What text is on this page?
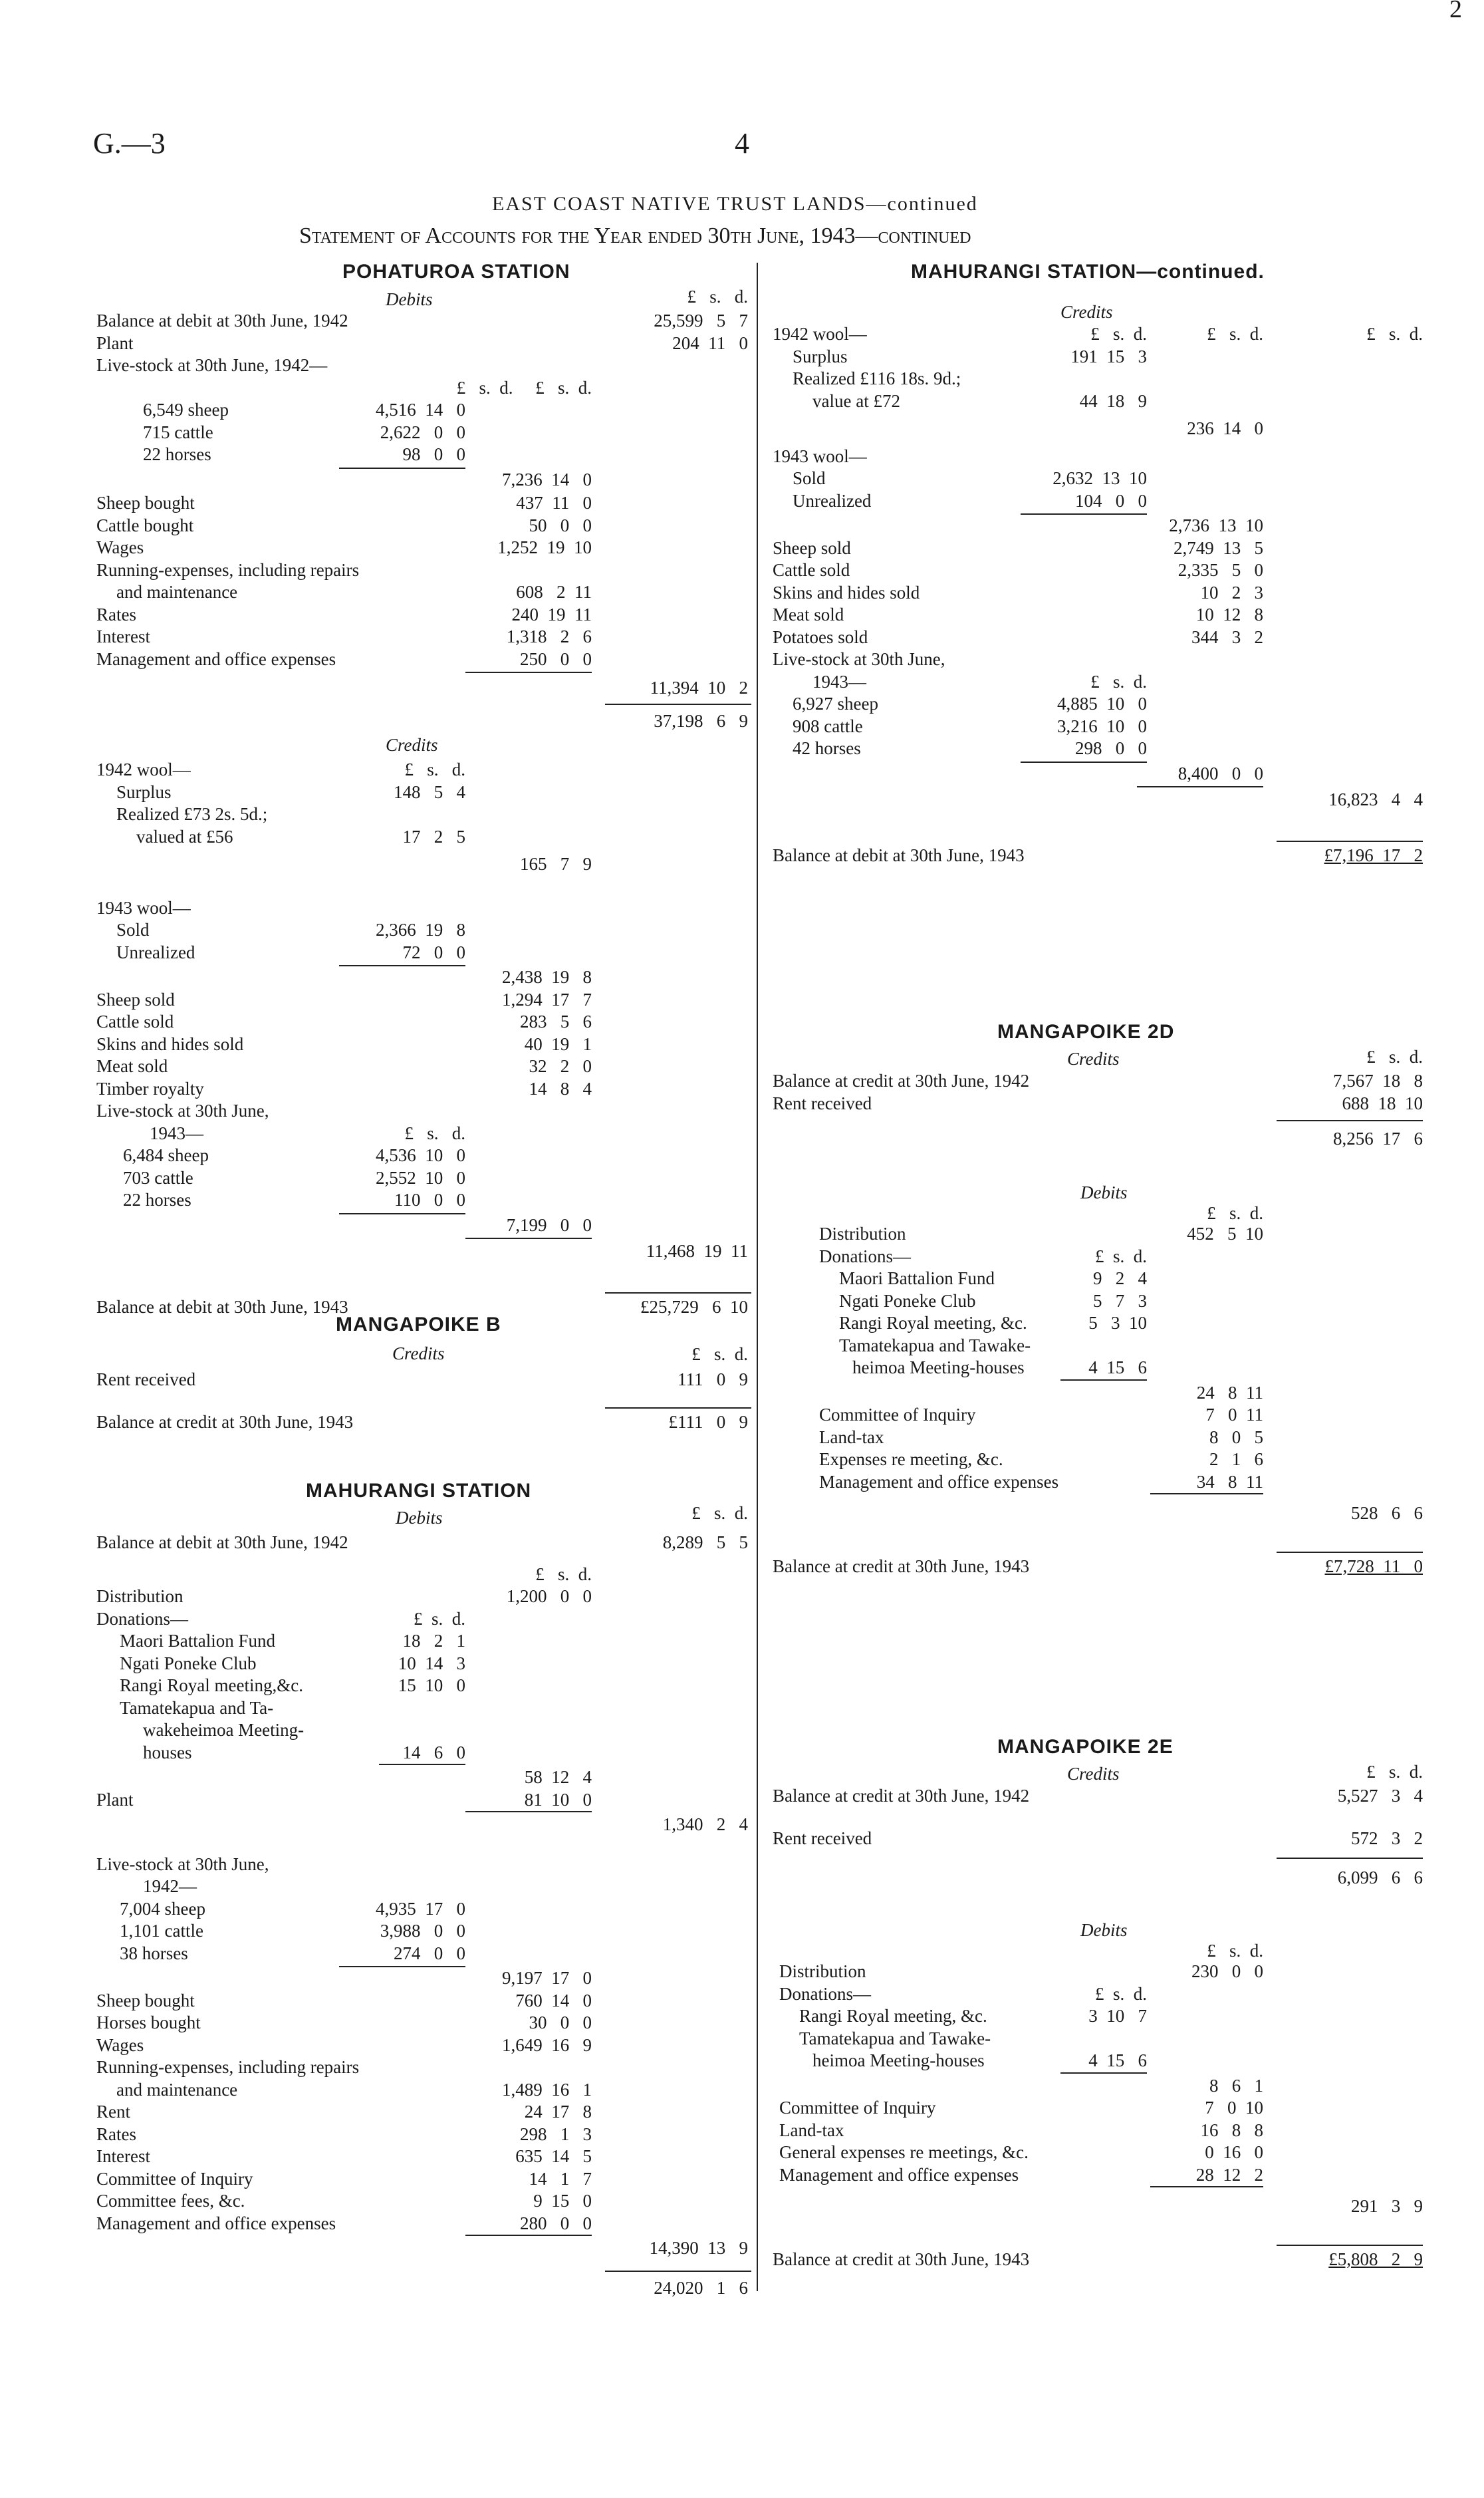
G.—3	4
2
EAST COAST NATIVE TRUST LANDS—continued
Statement of Accounts for the Year ended 30th June, 1943—continued
POHATUROA STATION
Debits	£   s.   d.
Balance at debit at 30th June, 1942	25,599   5   7
Plant	204  11   0
Live-stock at 30th June, 1942—
£   s.  d.     £   s.  d.
6,549 sheep	4,516  14   0
715 cattle	2,622   0   0
22 horses	98   0   0
7,236  14   0
Sheep bought	437  11   0
Cattle bought	50   0   0
Wages	1,252  19  10
Running-expenses, including repairs
and maintenance	608   2  11
Rates	240  19  11
Interest	1,318   2   6
Management and office expenses	250   0   0
11,394  10   2
37,198   6   9
Credits
1942 wool—	£   s.   d.
Surplus	148   5   4
Realized £73 2s. 5d.;
valued at £56	17   2   5
165   7   9
1943 wool—
Sold	2,366  19   8
Unrealized	72   0   0
2,438  19   8
Sheep sold	1,294  17   7
Cattle sold	283   5   6
Skins and hides sold	40  19   1
Meat sold	32   2   0
Timber royalty	14   8   4
Live-stock at 30th June,
1943—	£   s.   d.
6,484 sheep	4,536  10   0
703 cattle	2,552  10   0
22 horses	110   0   0
7,199   0   0
11,468  19  11
Balance at debit at 30th June, 1943	£25,729   6  10
MANGAPOIKE B
Credits	£   s.  d.
Rent received	111   0   9
Balance at credit at 30th June, 1943	£111   0   9
MAHURANGI STATION
Debits	£   s.  d.
Balance at debit at 30th June, 1942	8,289   5   5
£   s.  d.
Distribution	1,200   0   0
Donations—	£  s.  d.
Maori Battalion Fund	18   2   1
Ngati Poneke Club	10  14   3
Rangi Royal meeting,&c.	15  10   0
Tamatekapua and Ta-
wakeheimoa Meeting-
houses	14   6   0
58  12   4
Plant	81  10   0
1,340   2   4
Live-stock at 30th June,
1942—
7,004 sheep	4,935  17   0
1,101 cattle	3,988   0   0
38 horses	274   0   0
9,197  17   0
Sheep bought	760  14   0
Horses bought	30   0   0
Wages	1,649  16   9
Running-expenses, including repairs
and maintenance	1,489  16   1
Rent	24  17   8
Rates	298   1   3
Interest	635  14   5
Committee of Inquiry	14   1   7
Committee fees, &c.	9  15   0
Management and office expenses	280   0   0
14,390  13   9
24,020   1   6
MAHURANGI STATION—continued.
Credits
1942 wool—	£   s.  d.	£   s.  d.	£   s.  d.
Surplus	191  15   3
Realized £116 18s. 9d.;
value at £72	44  18   9
236  14   0
1943 wool—
Sold	2,632  13  10
Unrealized	104   0   0
2,736  13  10
Sheep sold	2,749  13   5
Cattle sold	2,335   5   0
Skins and hides sold	10   2   3
Meat sold	10  12   8
Potatoes sold	344   3   2
Live-stock at 30th June,
1943—	£   s.  d.
6,927 sheep	4,885  10   0
908 cattle	3,216  10   0
42 horses	298   0   0
8,400   0   0
16,823   4   4
Balance at debit at 30th June, 1943	£7,196  17   2
MANGAPOIKE 2D
Credits	£   s.  d.
Balance at credit at 30th June, 1942	7,567  18   8
Rent received	688  18  10
8,256  17   6
Debits
£   s.  d.
Distribution	452   5  10
Donations—	£  s.  d.
Maori Battalion Fund	9   2   4
Ngati Poneke Club	5   7   3
Rangi Royal meeting, &c.	5   3  10
Tamatekapua and Tawake-
heimoa Meeting-houses	4  15   6
24   8  11
Committee of Inquiry	7   0  11
Land-tax	8   0   5
Expenses re meeting, &c.	2   1   6
Management and office expenses	34   8  11
528   6   6
Balance at credit at 30th June, 1943	£7,728  11   0
MANGAPOIKE 2E
Credits	£   s.  d.
Balance at credit at 30th June, 1942	5,527   3   4
Rent received	572   3   2
6,099   6   6
Debits
£   s.  d.
Distribution	230   0   0
Donations—	£  s.  d.
Rangi Royal meeting, &c.	3  10   7
Tamatekapua and Tawake-
heimoa Meeting-houses	4  15   6
8   6   1
Committee of Inquiry	7   0  10
Land-tax	16   8   8
General expenses re meetings, &c.	0  16   0
Management and office expenses	28  12   2
291   3   9
Balance at credit at 30th June, 1943	£5,808   2   9
